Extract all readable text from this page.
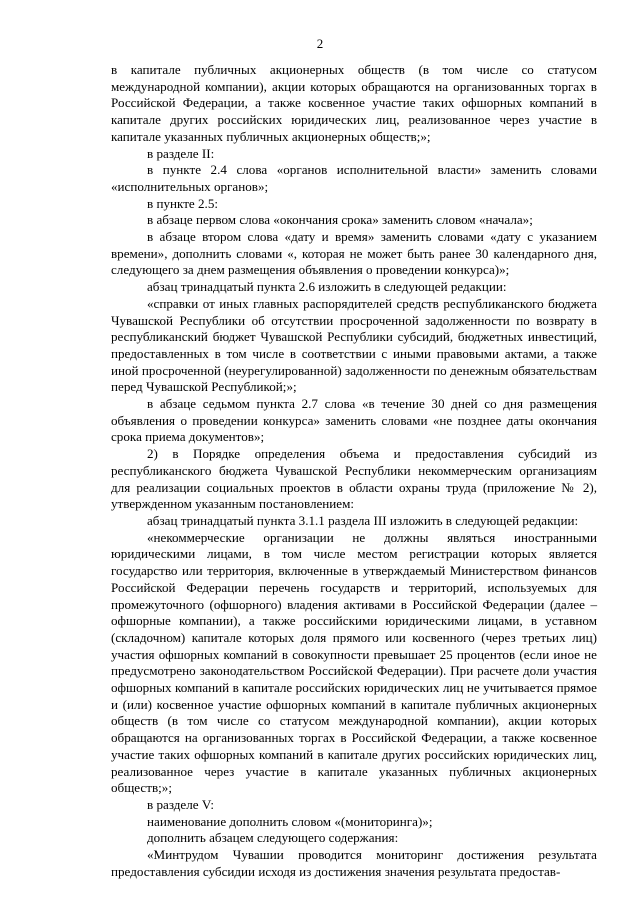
2

в капитале публичных акционерных обществ (в том числе со статусом международной компании), акции которых обращаются на организованных торгах в Российской Федерации, а также косвенное участие таких офшорных компаний в капитале других российских юридических лиц, реализованное через участие в капитале указанных публичных акционерных обществ;»;

в разделе II:

в пункте 2.4 слова «органов исполнительной власти» заменить словами «исполнительных органов»;

в пункте 2.5:

в абзаце первом слова «окончания срока» заменить словом «начала»;

в абзаце втором слова «дату и время» заменить словами «дату с указанием времени», дополнить словами «, которая не может быть ранее 30 календарного дня, следующего за днем размещения объявления о проведении конкурса)»;

абзац тринадцатый пункта 2.6 изложить в следующей редакции:

«справки от иных главных распорядителей средств республиканского бюджета Чувашской Республики об отсутствии просроченной задолженности по возврату в республиканский бюджет Чувашской Республики субсидий, бюджетных инвестиций, предоставленных в том числе в соответствии с иными правовыми актами, а также иной просроченной (неурегулированной) задолженности по денежным обязательствам перед Чувашской Республикой;»;

в абзаце седьмом пункта 2.7 слова «в течение 30 дней со дня размещения объявления о проведении конкурса» заменить словами «не позднее даты окончания срока приема документов»;

2) в Порядке определения объема и предоставления субсидий из республиканского бюджета Чувашской Республики некоммерческим организациям для реализации социальных проектов в области охраны труда (приложение № 2), утвержденном указанным постановлением:

абзац тринадцатый пункта 3.1.1 раздела III изложить в следующей редакции:

«некоммерческие организации не должны являться иностранными юридическими лицами, в том числе местом регистрации которых является государство или территория, включенные в утверждаемый Министерством финансов Российской Федерации перечень государств и территорий, используемых для промежуточного (офшорного) владения активами в Российской Федерации (далее – офшорные компании), а также российскими юридическими лицами, в уставном (складочном) капитале которых доля прямого или косвенного (через третьих лиц) участия офшорных компаний в совокупности превышает 25 процентов (если иное не предусмотрено законодательством Российской Федерации). При расчете доли участия офшорных компаний в капитале российских юридических лиц не учитывается прямое и (или) косвенное участие офшорных компаний в капитале публичных акционерных обществ (в том числе со статусом международной компании), акции которых обращаются на организованных торгах в Российской Федерации, а также косвенное участие таких офшорных компаний в капитале других российских юридических лиц, реализованное через участие в капитале указанных публичных акционерных обществ;»;

в разделе V:

наименование дополнить словом «(мониторинга)»;

дополнить абзацем следующего содержания:

«Минтрудом Чувашии проводится мониторинг достижения результата предоставления субсидии исходя из достижения значения результата предостав-
